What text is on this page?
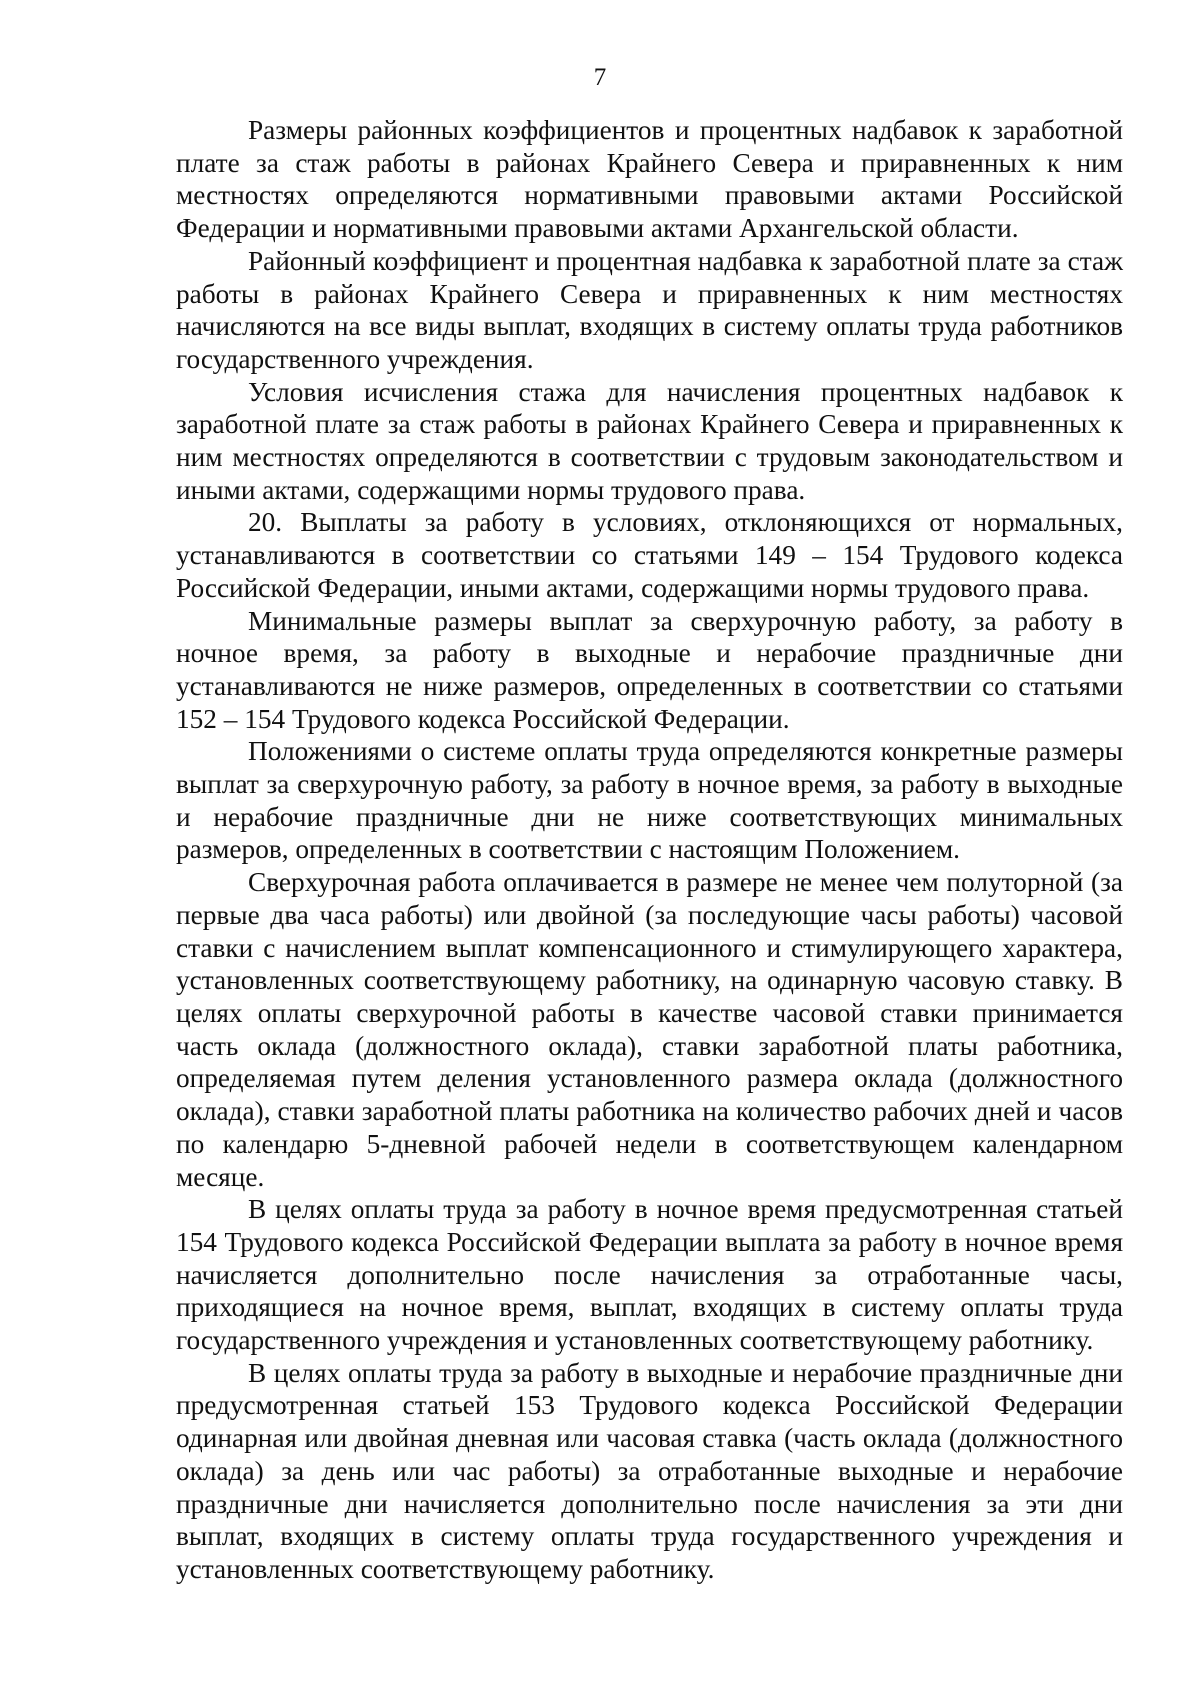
7

Размеры районных коэффициентов и процентных надбавок к заработной плате за стаж работы в районах Крайнего Севера и приравненных к ним местностях определяются нормативными правовыми актами Российской Федерации и нормативными правовыми актами Архангельской области.

Районный коэффициент и процентная надбавка к заработной плате за стаж работы в районах Крайнего Севера и приравненных к ним местностях начисляются на все виды выплат, входящих в систему оплаты труда работников государственного учреждения.

Условия исчисления стажа для начисления процентных надбавок к заработной плате за стаж работы в районах Крайнего Севера и приравненных к ним местностях определяются в соответствии с трудовым законодательством и иными актами, содержащими нормы трудового права.

20. Выплаты за работу в условиях, отклоняющихся от нормальных, устанавливаются в соответствии со статьями 149 – 154 Трудового кодекса Российской Федерации, иными актами, содержащими нормы трудового права.

Минимальные размеры выплат за сверхурочную работу, за работу в ночное время, за работу в выходные и нерабочие праздничные дни устанавливаются не ниже размеров, определенных в соответствии со статьями 152 – 154 Трудового кодекса Российской Федерации.

Положениями о системе оплаты труда определяются конкретные размеры выплат за сверхурочную работу, за работу в ночное время, за работу в выходные и нерабочие праздничные дни не ниже соответствующих минимальных размеров, определенных в соответствии с настоящим Положением.

Сверхурочная работа оплачивается в размере не менее чем полуторной (за первые два часа работы) или двойной (за последующие часы работы) часовой ставки с начислением выплат компенсационного и стимулирующего характера, установленных соответствующему работнику, на одинарную часовую ставку. В целях оплаты сверхурочной работы в качестве часовой ставки принимается часть оклада (должностного оклада), ставки заработной платы работника, определяемая путем деления установленного размера оклада (должностного оклада), ставки заработной платы работника на количество рабочих дней и часов по календарю 5-дневной рабочей недели в соответствующем календарном месяце.

В целях оплаты труда за работу в ночное время предусмотренная статьей 154 Трудового кодекса Российской Федерации выплата за работу в ночное время начисляется дополнительно после начисления за отработанные часы, приходящиеся на ночное время, выплат, входящих в систему оплаты труда государственного учреждения и установленных соответствующему работнику.

В целях оплаты труда за работу в выходные и нерабочие праздничные дни предусмотренная статьей 153 Трудового кодекса Российской Федерации одинарная или двойная дневная или часовая ставка (часть оклада (должностного оклада) за день или час работы) за отработанные выходные и нерабочие праздничные дни начисляется дополнительно после начисления за эти дни выплат, входящих в систему оплаты труда государственного учреждения и установленных соответствующему работнику.
